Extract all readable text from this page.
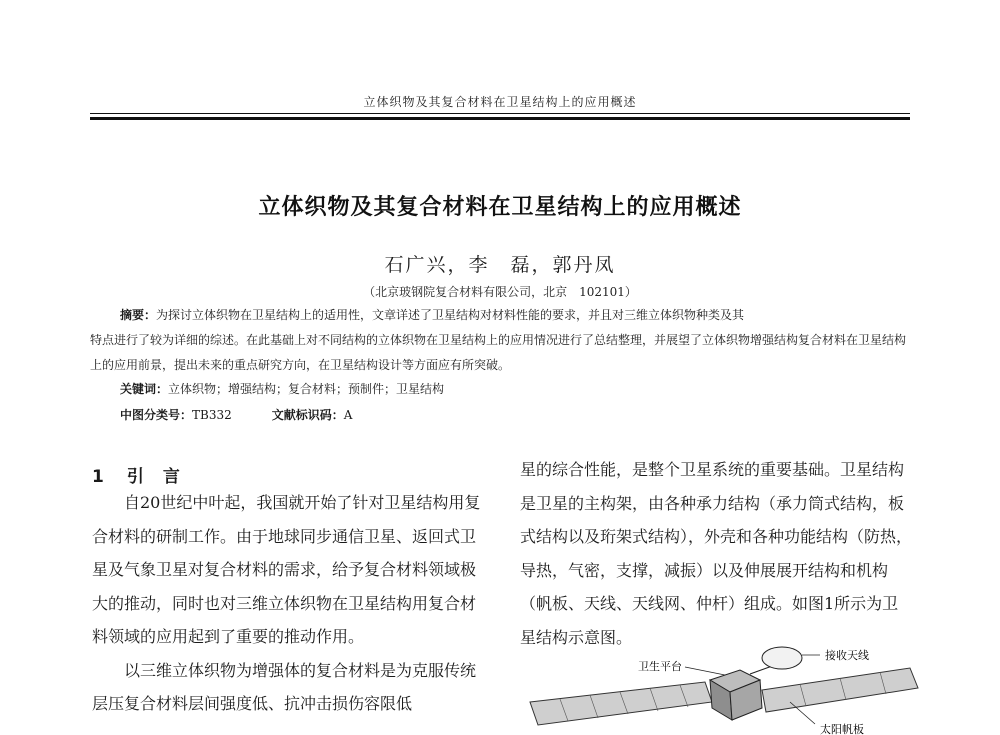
立体织物及其复合材料在卫星结构上的应用概述
立体织物及其复合材料在卫星结构上的应用概述
石广兴，李　磊，郭丹凤
（北京玻钢院复合材料有限公司，北京　102101）

摘要：为探讨立体织物在卫星结构上的适用性，文章详述了卫星结构对材料性能的要求，并且对三维立体织物种类及其
特点进行了较为详细的综述。在此基础上对不同结构的立体织物在卫星结构上的应用情况进行了总结整理，并展望了立体织物增强结构复合材料在卫星结构上的应用前景，提出未来的重点研究方向，在卫星结构设计等方面应有所突破。

关键词：立体织物；增强结构；复合材料；预制件；卫星结构
中图分类号：TB332	文献标识码：A
1 引　言

自20世纪中叶起，我国就开始了针对卫星结构用复合材料的研制工作。由于地球同步通信卫星、返回式卫星及气象卫星对复合材料的需求，给予复合材料领域极大的推动，同时也对三维立体织物在卫星结构用复合材料领域的应用起到了重要的推动作用。

以三维立体织物为增强体的复合材料是为克服传统层压复合材料层间强度低、抗冲击损伤容限低

星的综合性能，是整个卫星系统的重要基础。卫星结构是卫星的主构架，由各种承力结构（承力筒式结构，板式结构以及珩架式结构），外壳和各种功能结构（防热，导热，气密，支撑，减振）以及伸展展开结构和机构（帆板、天线、天线网、仲杆）组成。如图1所示为卫星结构示意图。

卫生平台
接收天线
太阳帆板
